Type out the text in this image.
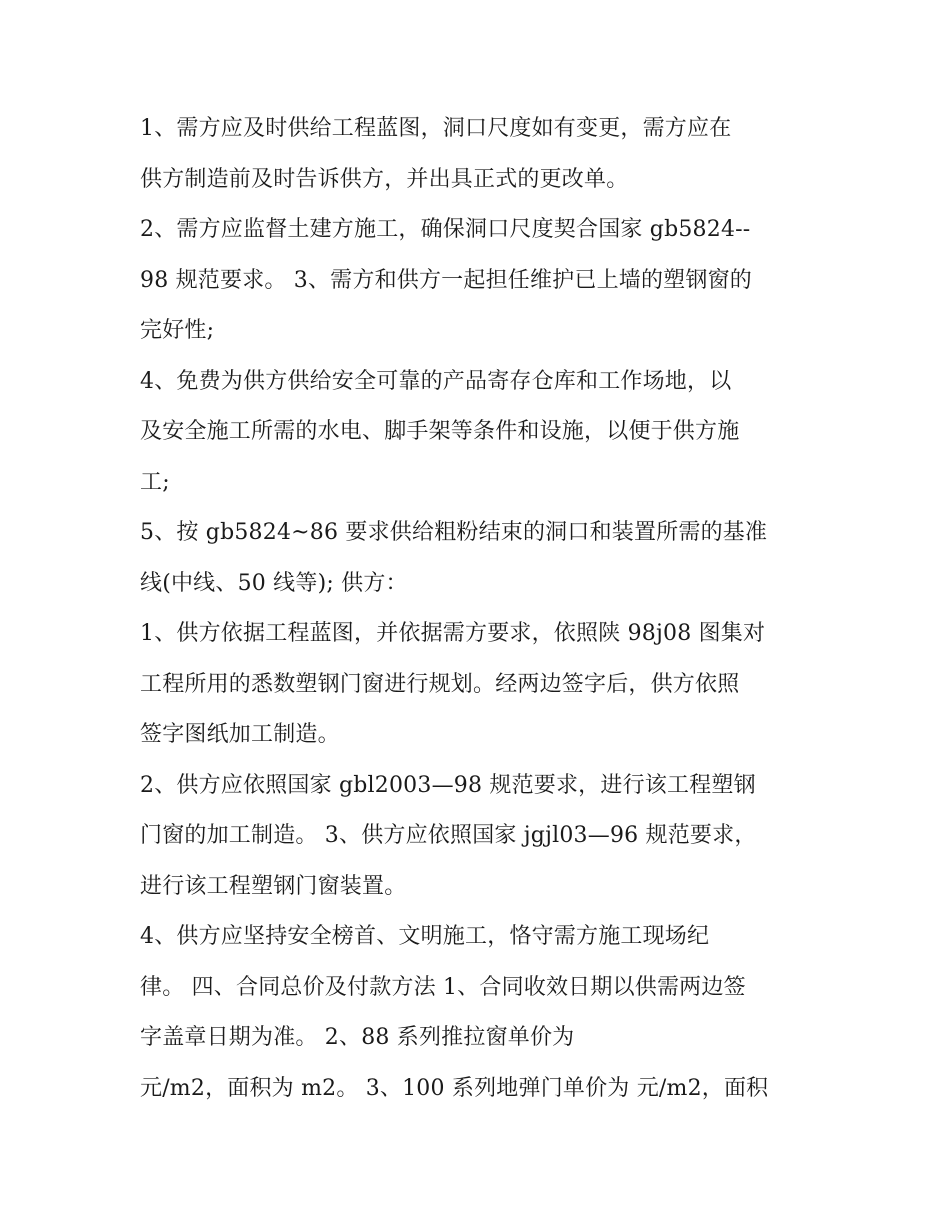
1、需方应及时供给工程蓝图，洞口尺度如有变更，需方应在
供方制造前及时告诉供方，并出具正式的更改单。
2、需方应监督土建方施工，确保洞口尺度契合国家 gb5824--
98 规范要求。 3、需方和供方一起担任维护已上墙的塑钢窗的
完好性;
4、免费为供方供给安全可靠的产品寄存仓库和工作场地，以
及安全施工所需的水电、脚手架等条件和设施，以便于供方施
工;
5、按 gb5824~86 要求供给粗粉结束的洞口和装置所需的基准
线(中线、50 线等); 供方：
1、供方依据工程蓝图，并依据需方要求，依照陕 98j08 图集对
工程所用的悉数塑钢门窗进行规划。经两边签字后，供方依照
签字图纸加工制造。
2、供方应依照国家 gbl2003—98 规范要求，进行该工程塑钢
门窗的加工制造。 3、供方应依照国家 jgjl03—96 规范要求，
进行该工程塑钢门窗装置。
4、供方应坚持安全榜首、文明施工，恪守需方施工现场纪
律。 四、合同总价及付款方法 1、合同收效日期以供需两边签
字盖章日期为准。 2、88 系列推拉窗单价为
元/m2，面积为 m2。 3、100 系列地弹门单价为 元/m2，面积
